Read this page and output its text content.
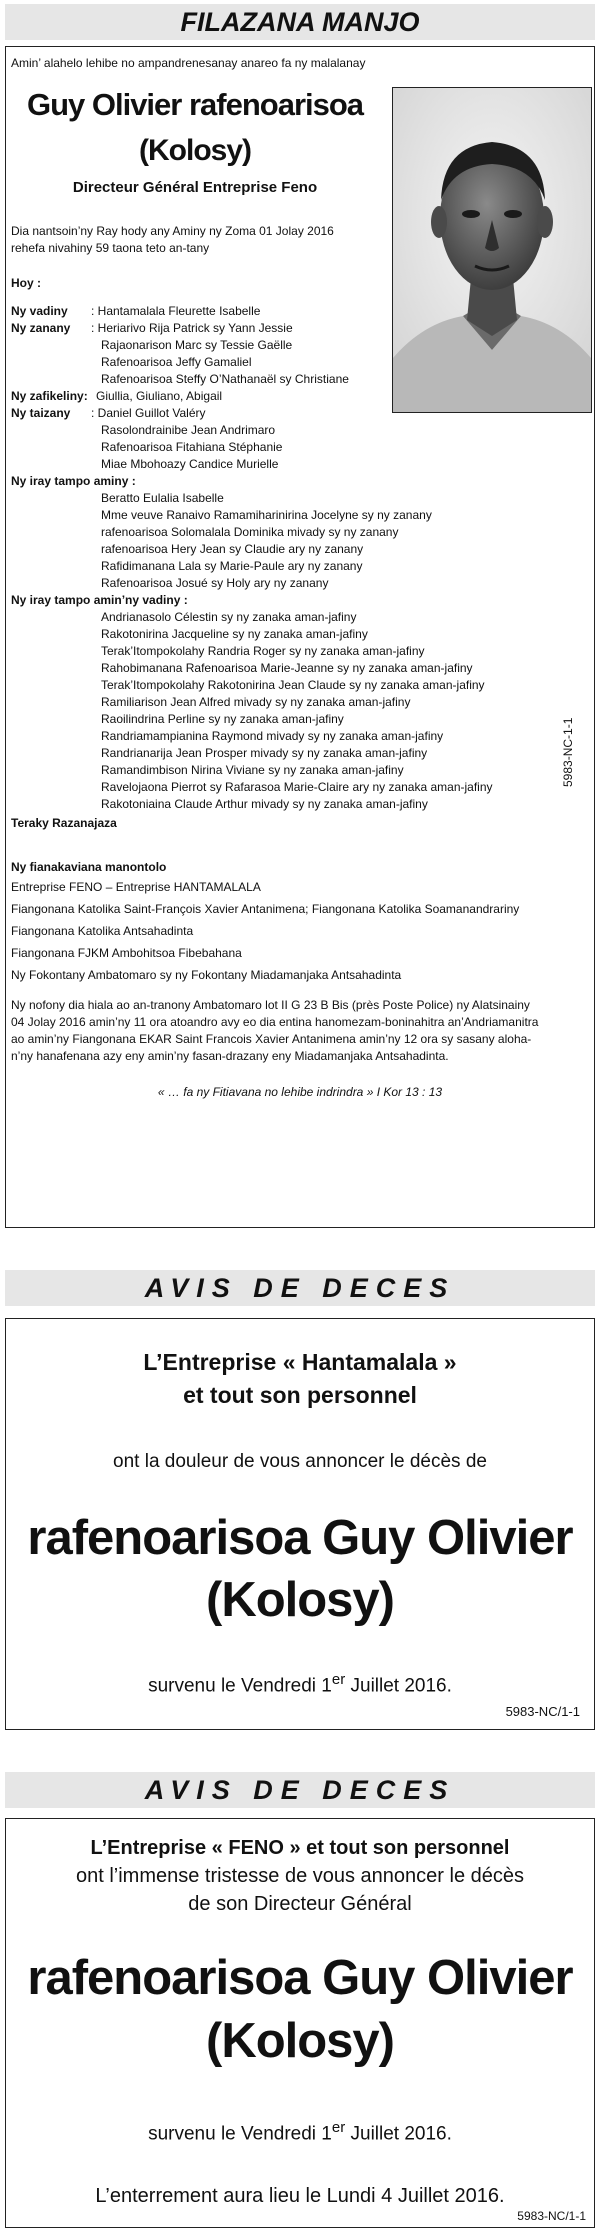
FILAZANA MANJO
Amin’ alahelo lehibe no ampandrenesanay anareo fa ny malalanay
Guy Olivier rafenoarisoa
(Kolosy)
Directeur Général Entreprise Feno
Dia nantsoin’ny Ray hody any Aminy ny Zoma 01 Jolay 2016
rehefa nivahiny 59 taona teto an-tany
Hoy :
Ny vadiny : Hantamalala Fleurette Isabelle
Ny zanany : Heriarivo Rija Patrick sy Yann Jessie
Rajaonarison Marc sy Tessie Gaëlle
Rafenoarisoa Jeffy Gamaliel
Rafenoarisoa Steffy O’Nathanaël sy Christiane
Ny zafikeliny: Giullia, Giuliano, Abigail
Ny taizany : Daniel Guillot Valéry
Rasolondrainibe Jean Andrimaro
Rafenoarisoa Fitahiana Stéphanie
Miae Mbohoazy Candice Murielle
Ny iray tampo aminy :
Beratto Eulalia Isabelle
Mme veuve Ranaivo Ramamiharinirina Jocelyne sy ny zanany
rafenoarisoa Solomalala Dominika mivady sy ny zanany
rafenoarisoa Hery Jean sy Claudie ary ny zanany
Rafidimanana Lala sy Marie-Paule ary ny zanany
Rafenoarisoa Josué sy Holy ary ny zanany
Ny iray tampo amin’ny vadiny :
Andrianasolo Célestin sy ny zanaka aman-jafiny
Rakotonirina Jacqueline sy ny zanaka aman-jafiny
Terak’Itompokolahy Randria Roger sy ny zanaka aman-jafiny
Rahobimanana Rafenoarisoa Marie-Jeanne sy ny zanaka aman-jafiny
Terak’Itompokolahy Rakotonirina Jean Claude sy ny zanaka aman-jafiny
Ramiliarison Jean Alfred mivady sy ny zanaka aman-jafiny
Raoilindrina Perline sy ny zanaka aman-jafiny
Randriamampianina Raymond mivady sy ny zanaka aman-jafiny
Randrianarija Jean Prosper mivady sy ny zanaka aman-jafiny
Ramandimbison Nirina Viviane sy ny zanaka aman-jafiny
Ravelojaona Pierrot sy Rafarasoa Marie-Claire ary ny zanaka aman-jafiny
Rakotoniaina Claude Arthur mivady sy ny zanaka aman-jafiny
5983-NC-1-1
Teraky Razanajaza
Ny fianakaviana manontolo
Entreprise FENO – Entreprise HANTAMALALA
Fiangonana Katolika Saint-François Xavier Antanimena; Fiangonana Katolika Soamanandrariny
Fiangonana Katolika Antsahadinta
Fiangonana FJKM Ambohitsoa Fibebahana
Ny Fokontany Ambatomaro sy ny Fokontany Miadamanjaka Antsahadinta
Ny nofony dia hiala ao an-tranony Ambatomaro lot II G 23 B Bis (près Poste Police) ny Alatsinainy
04 Jolay 2016 amin’ny 11 ora atoandro avy eo dia entina hanomezam-boninahitra an’Andriamanitra
ao amin’ny Fiangonana EKAR Saint Francois Xavier Antanimena amin’ny 12 ora sy sasany aloha-
n’ny hanafenana azy eny amin’ny fasan-drazany eny Miadamanjaka Antsahadinta.
« … fa ny Fitiavana no lehibe indrindra » I Kor 13 : 13
AVIS DE DECES
L’Entreprise « Hantamalala »
et tout son personnel
ont la douleur de vous annoncer le décès de
rafenoarisoa Guy Olivier
(Kolosy)
survenu le Vendredi 1er Juillet 2016.
5983-NC/1-1
AVIS DE DECES
L’Entreprise « FENO » et tout son personnel
ont l’immense tristesse de vous annoncer le décès
de son Directeur Général
rafenoarisoa Guy Olivier
(Kolosy)
survenu le Vendredi 1er Juillet 2016.
L’enterrement aura lieu le Lundi 4 Juillet 2016.
5983-NC/1-1
